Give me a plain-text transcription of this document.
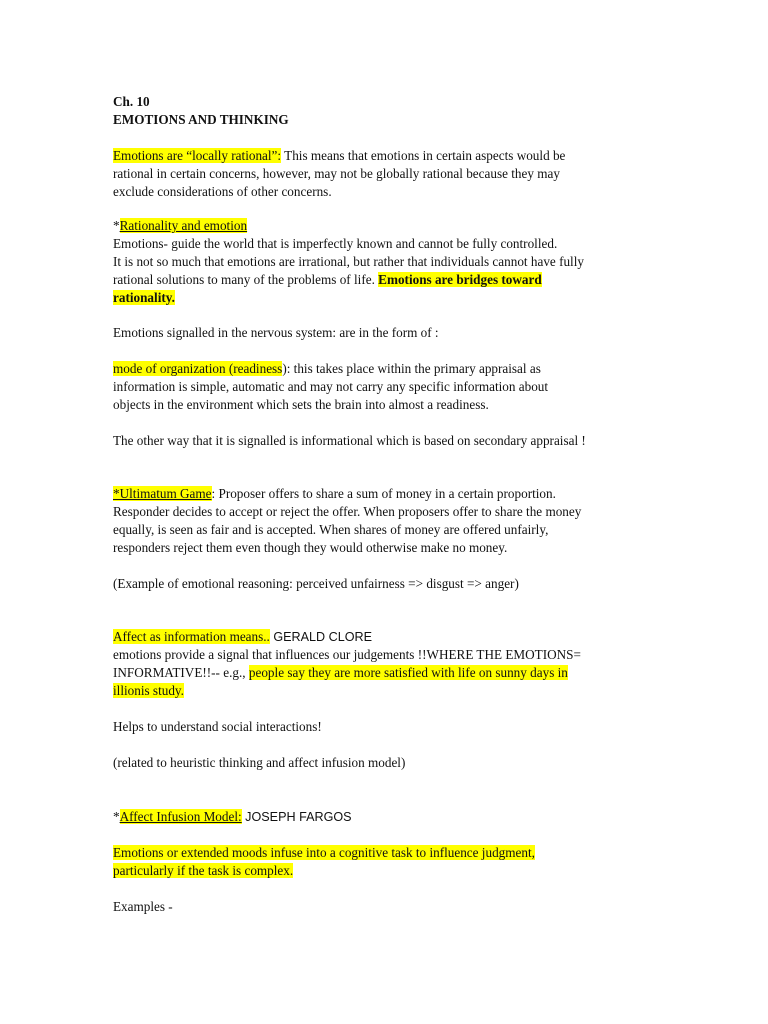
Ch. 10
EMOTIONS AND THINKING
Emotions are “locally rational”: This means that emotions in certain aspects would be
rational in certain concerns, however, may not be globally rational because they may
exclude considerations of other concerns.
*Rationality and emotion
Emotions- guide the world that is imperfectly known and cannot be fully controlled.
It is not so much that emotions are irrational, but rather that individuals cannot have fully
rational solutions to many of the problems of life. Emotions are bridges toward
rationality.
Emotions signalled in the nervous system: are in the form of :
mode of organization (readiness): this takes place within the primary appraisal as
information is simple, automatic and may not carry any specific information about
objects in the environment which sets the brain into almost a readiness.
The other way that it is signalled is informational which is based on secondary appraisal !
*Ultimatum Game: Proposer offers to share a sum of money in a certain proportion.
Responder decides to accept or reject the offer. When proposers offer to share the money
equally, is seen as fair and is accepted. When shares of money are offered unfairly,
responders reject them even though they would otherwise make no money.
(Example of emotional reasoning: perceived unfairness => disgust => anger)
Affect as information means.. GERALD CLORE
emotions provide a signal that influences our judgements !!WHERE THE EMOTIONS=
INFORMATIVE!!-- e.g., people say they are more satisfied with life on sunny days in
illionis study.
Helps to understand social interactions!
(related to heuristic thinking and affect infusion model)
*Affect Infusion Model: JOSEPH FARGOS
Emotions or extended moods infuse into a cognitive task to influence judgment,
particularly if the task is complex.
Examples -
